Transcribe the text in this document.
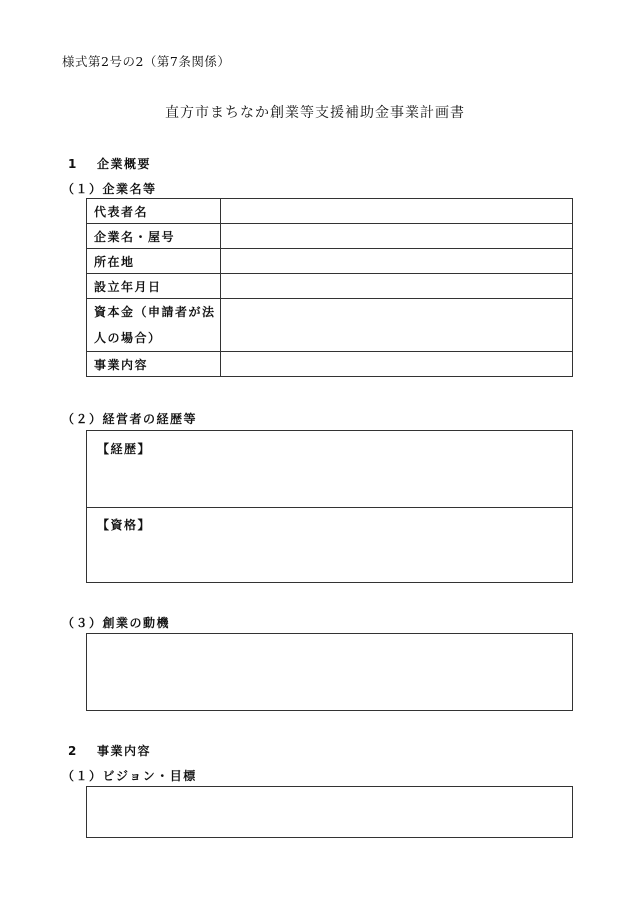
様式第2号の2（第7条関係）
直方市まちなか創業等支援補助金事業計画書
1　 企業概要
（１）企業名等
代表者名	
企業名・屋号	
所在地	
設立年月日	

資本金（申請者が法
人の場合）	

事業内容	
（２）経営者の経歴等
【経歴】
【資格】
（３）創業の動機
2　 事業内容
（１）ビジョン・目標
